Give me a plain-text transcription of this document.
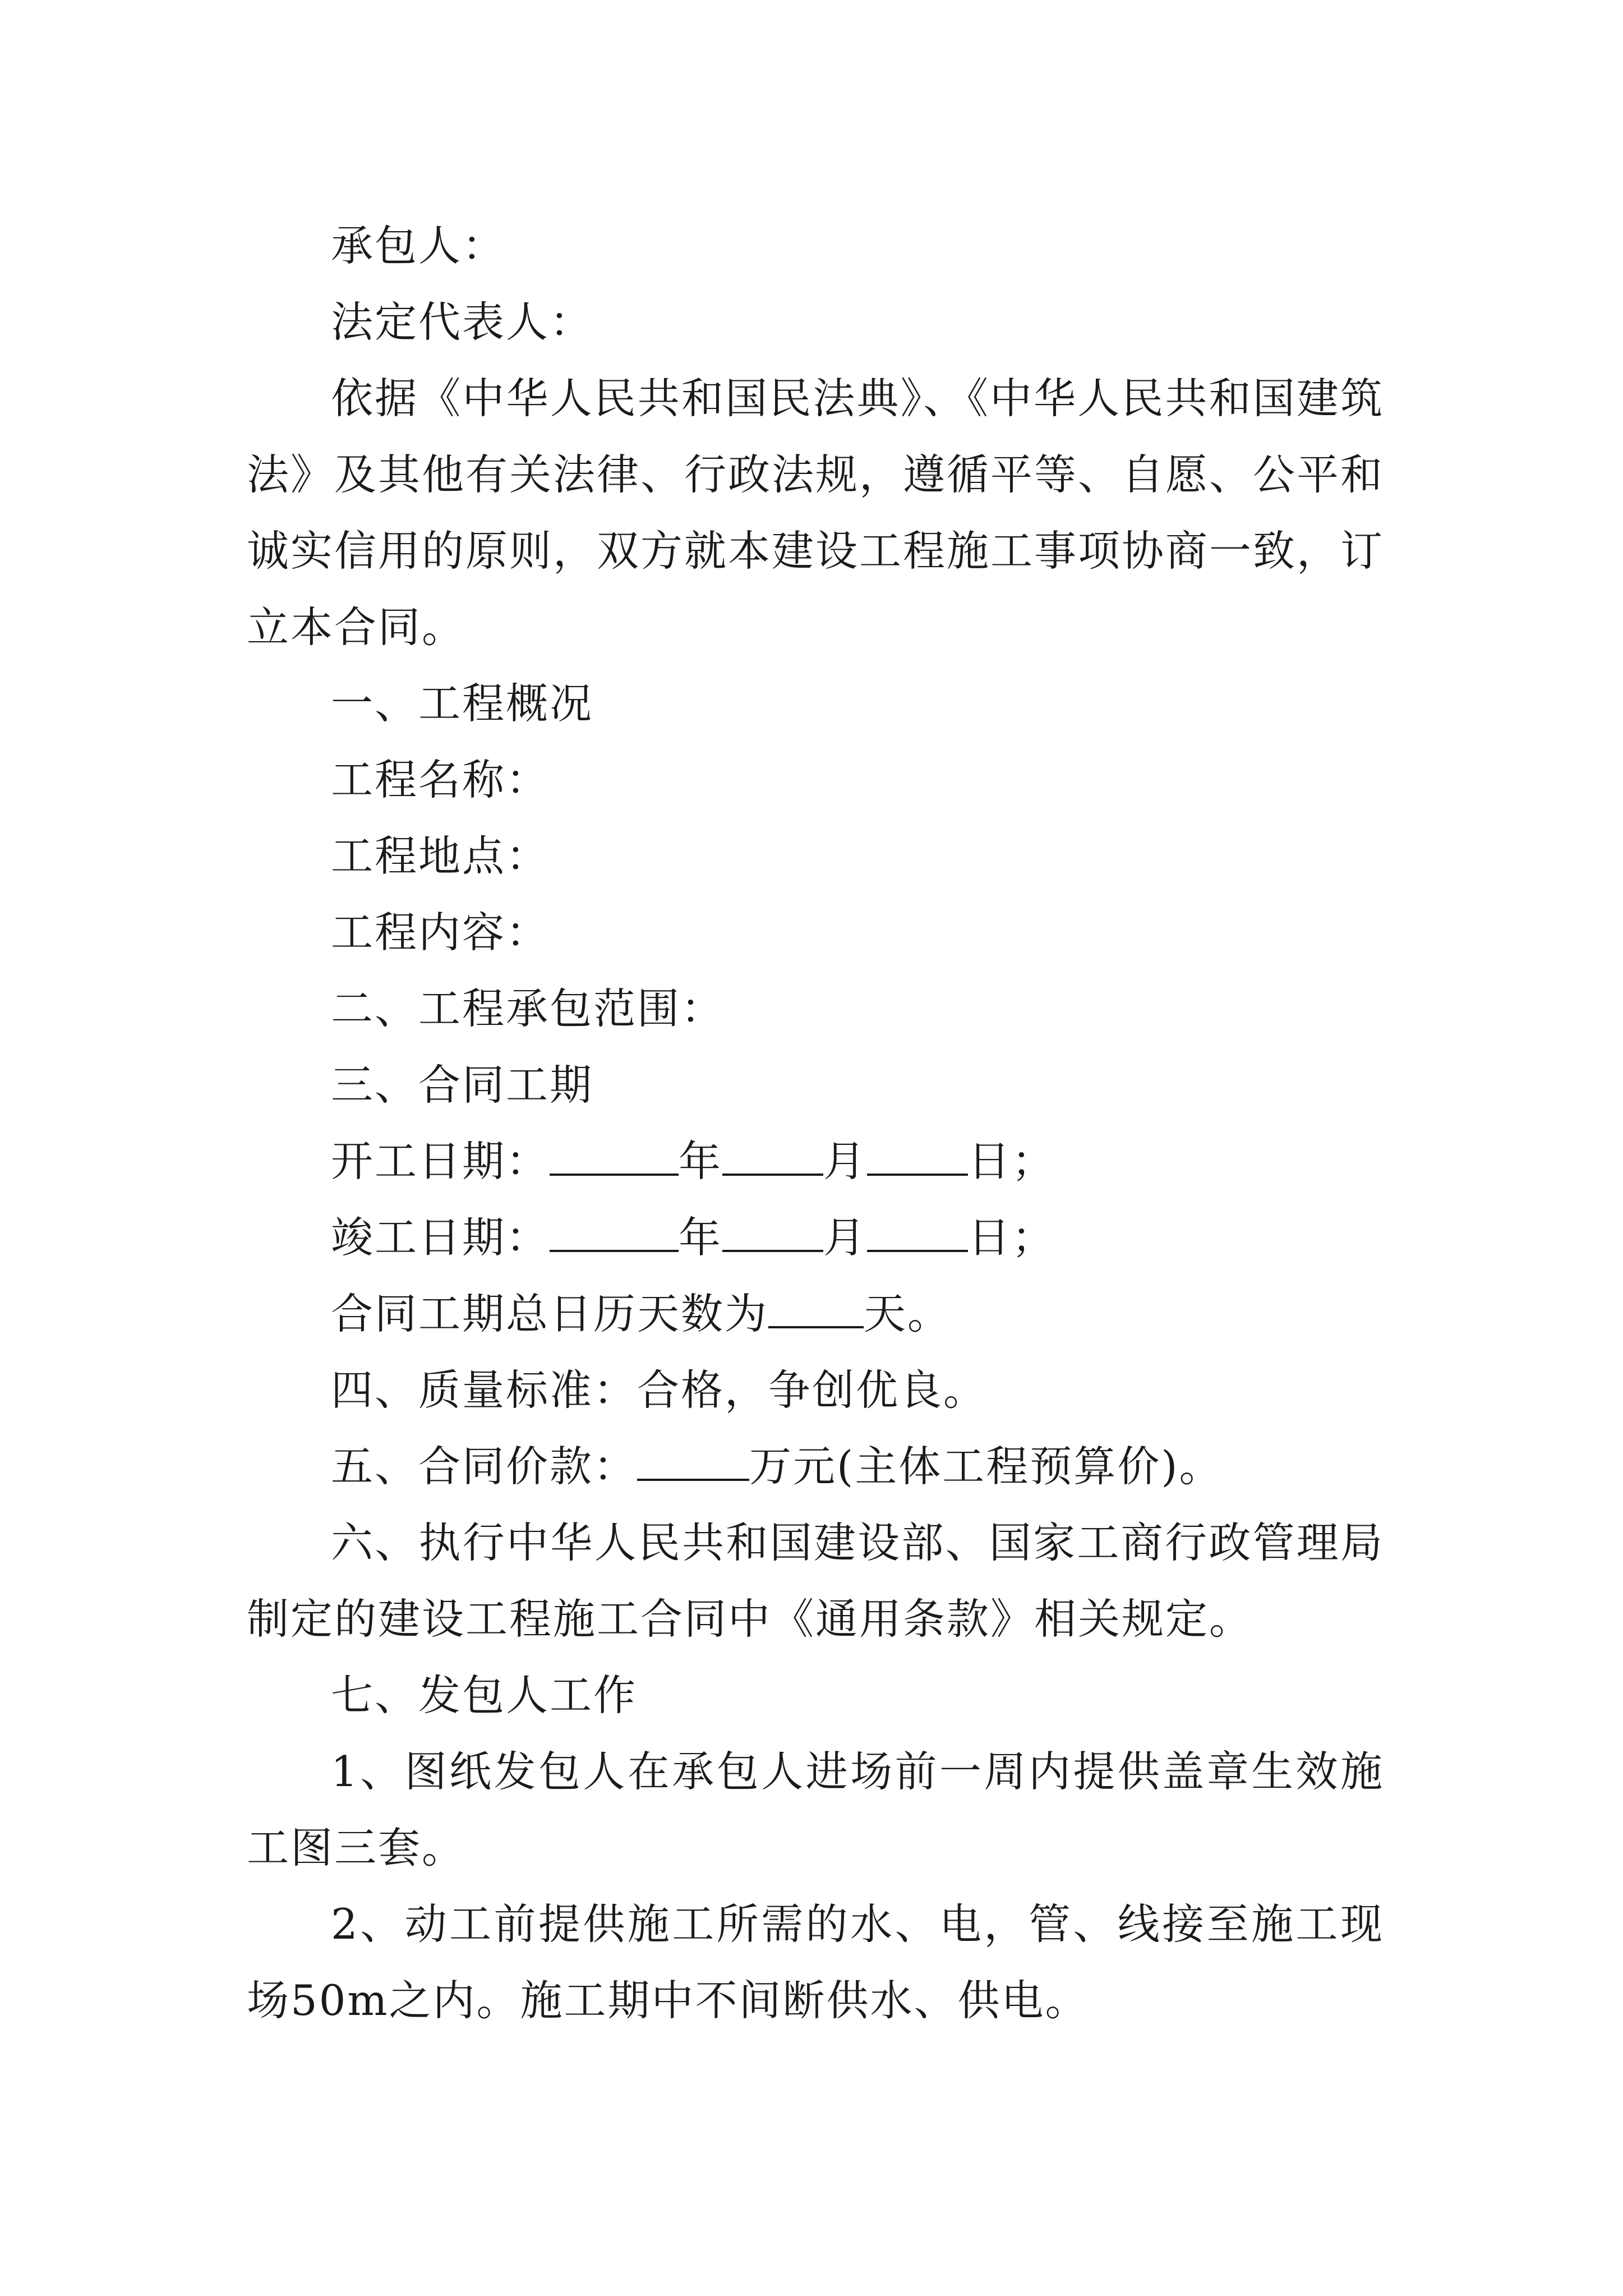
承包人：

法定代表人：

依据《中华人民共和国民法典》、《中华人民共和国建筑法》及其他有关法律、行政法规，遵循平等、自愿、公平和诚实信用的原则，双方就本建设工程施工事项协商一致，订立本合同。

一、工程概况

工程名称：

工程地点：

工程内容：

二、工程承包范围：

三、合同工期

开工日期：	年 月 日；

竣工日期：	年 月 日；

合同工期总日历天数为 天。

四、质量标准：合格，争创优良。

五、合同价款：	万元(主体工程预算价)。

六、执行中华人民共和国建设部、国家工商行政管理局制定的建设工程施工合同中《通用条款》相关规定。

七、发包人工作

1、图纸发包人在承包人进场前一周内提供盖章生效施工图三套。

2、动工前提供施工所需的水、电，管、线接至施工现场50m之内。施工期中不间断供水、供电。
